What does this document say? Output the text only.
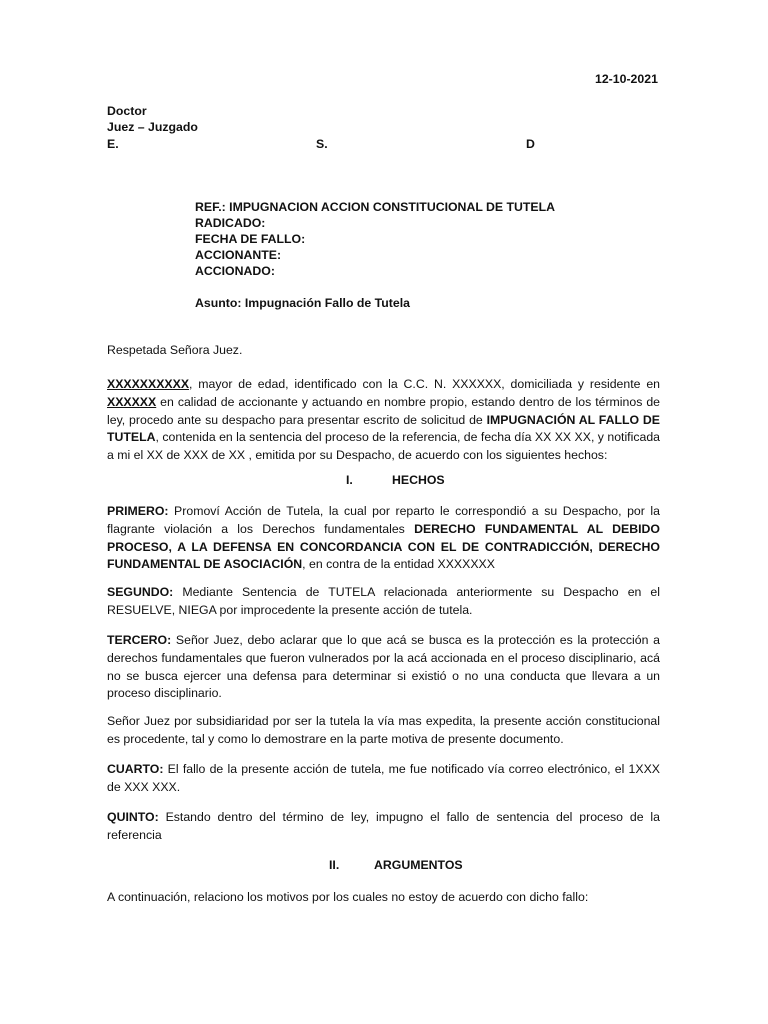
12-10-2021
Doctor
Juez – Juzgado
E.	S.	D
REF.: IMPUGNACION ACCION CONSTITUCIONAL DE TUTELA
RADICADO:
FECHA DE FALLO:
ACCIONANTE:
ACCIONADO:
Asunto: Impugnación Fallo de Tutela
Respetada Señora Juez.
XXXXXXXXXX, mayor de edad, identificado con la C.C. N. XXXXXX, domiciliada y residente en XXXXXX en calidad de accionante y actuando en nombre propio, estando dentro de los términos de ley, procedo ante su despacho para presentar escrito de solicitud de IMPUGNACIÓN AL FALLO DE TUTELA, contenida en la sentencia del proceso de la referencia, de fecha día XX XX XX, y notificada a mi el XX de XXX de XX , emitida por su Despacho, de acuerdo con los siguientes hechos:
I.	HECHOS
PRIMERO: Promoví Acción de Tutela, la cual por reparto le correspondió a su Despacho, por la flagrante violación a los Derechos fundamentales DERECHO FUNDAMENTAL AL DEBIDO PROCESO, A LA DEFENSA EN CONCORDANCIA CON EL DE CONTRADICCIÓN, DERECHO FUNDAMENTAL DE ASOCIACIÓN, en contra de la entidad XXXXXXX
SEGUNDO: Mediante Sentencia de TUTELA relacionada anteriormente su Despacho en el RESUELVE, NIEGA por improcedente la presente acción de tutela.
TERCERO: Señor Juez, debo aclarar que lo que acá se busca es la protección es la protección a derechos fundamentales que fueron vulnerados por la acá accionada en el proceso disciplinario, acá no se busca ejercer una defensa para determinar si existió o no una conducta que llevara a un proceso disciplinario.
Señor Juez por subsidiaridad por ser la tutela la vía mas expedita, la presente acción constitucional es procedente, tal y como lo demostrare en la parte motiva de presente documento.
CUARTO: El fallo de la presente acción de tutela, me fue notificado vía correo electrónico, el 1XXX de XXX XXX.
QUINTO: Estando dentro del término de ley, impugno el fallo de sentencia del proceso de la referencia
II.	ARGUMENTOS
A continuación, relaciono los motivos por los cuales no estoy de acuerdo con dicho fallo:
